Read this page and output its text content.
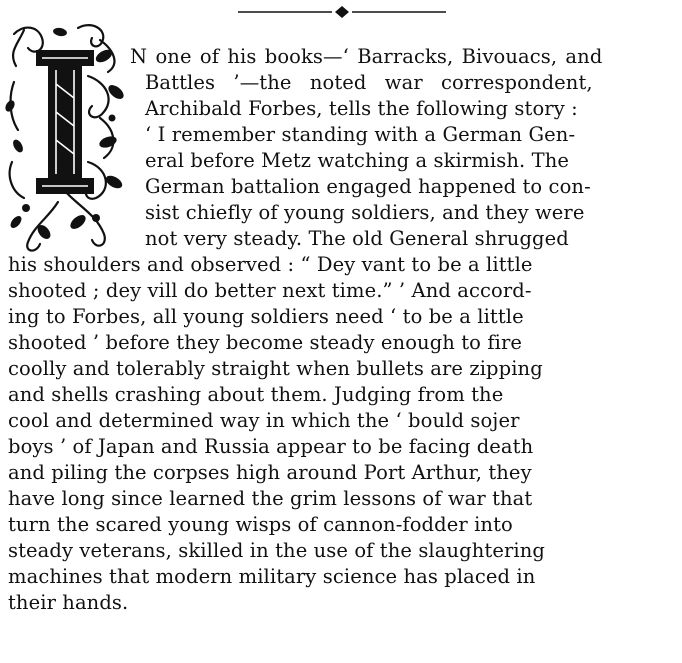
N one of his books—‘ Barracks, Bivouacs, and
Battles ’—the noted war correspondent,
Archibald Forbes, tells the following story :
‘ I remember standing with a German Gen-
eral before Metz watching a skirmish. The
German battalion engaged happened to con-
sist chiefly of young soldiers, and they were
not very steady. The old General shrugged
his shoulders and observed : “ Dey vant to be a little
shooted ; dey vill do better next time.” ’ And accord-
ing to Forbes, all young soldiers need ‘ to be a little
shooted ’ before they become steady enough to fire
coolly and tolerably straight when bullets are zipping
and shells crashing about them. Judging from the
cool and determined way in which the ‘ bould sojer
boys ’ of Japan and Russia appear to be facing death
and piling the corpses high around Port Arthur, they
have long since learned the grim lessons of war that
turn the scared young wisps of cannon-fodder into
steady veterans, skilled in the use of the slaughtering
machines that modern military science has placed in
their hands.
